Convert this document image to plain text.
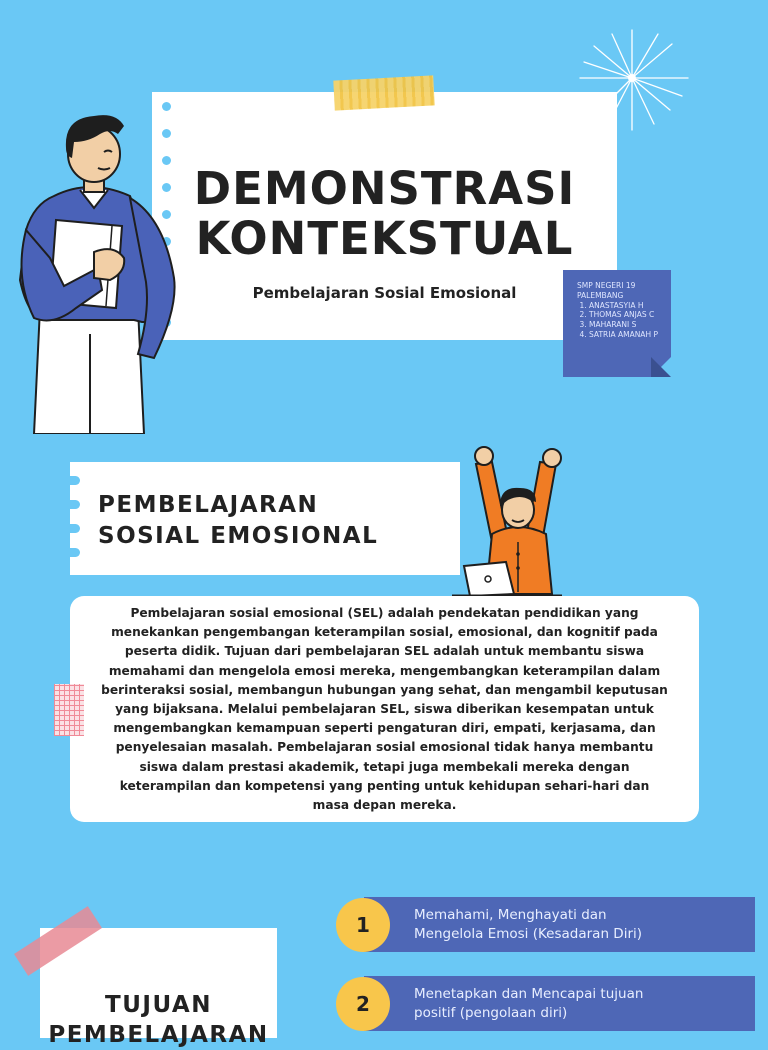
DEMONSTRASI
KONTEKSTUAL
Pembelajaran Sosial Emosional	SMP NEGERI 19 PALEMBANG
1. ANASTASYIA H
2. THOMAS ANJAS C
3. MAHARANI S
4. SATRIA AMANAH P
PEMBELAJARAN
SOSIAL EMOSIONAL

Pembelajaran sosial emosional (SEL) adalah pendekatan pendidikan yang menekankan pengembangan keterampilan sosial, emosional, dan kognitif pada peserta didik. Tujuan dari pembelajaran SEL adalah untuk membantu siswa memahami dan mengelola emosi mereka, mengembangkan keterampilan dalam berinteraksi sosial, membangun hubungan yang sehat, dan mengambil keputusan yang bijaksana. Melalui pembelajaran SEL, siswa diberikan kesempatan untuk mengembangkan kemampuan seperti pengaturan diri, empati, kerjasama, dan penyelesaian masalah. Pembelajaran sosial emosional tidak hanya membantu siswa dalam prestasi akademik, tetapi juga membekali mereka dengan keterampilan dan kompetensi yang penting untuk kehidupan sehari-hari dan masa depan mereka.

TUJUAN
PEMBELAJARAN
Memahami, Menghayati dan
Mengelola Emosi (Kesadaran Diri)
1
Menetapkan dan Mencapai tujuan
positif (pengolaan diri)
2
